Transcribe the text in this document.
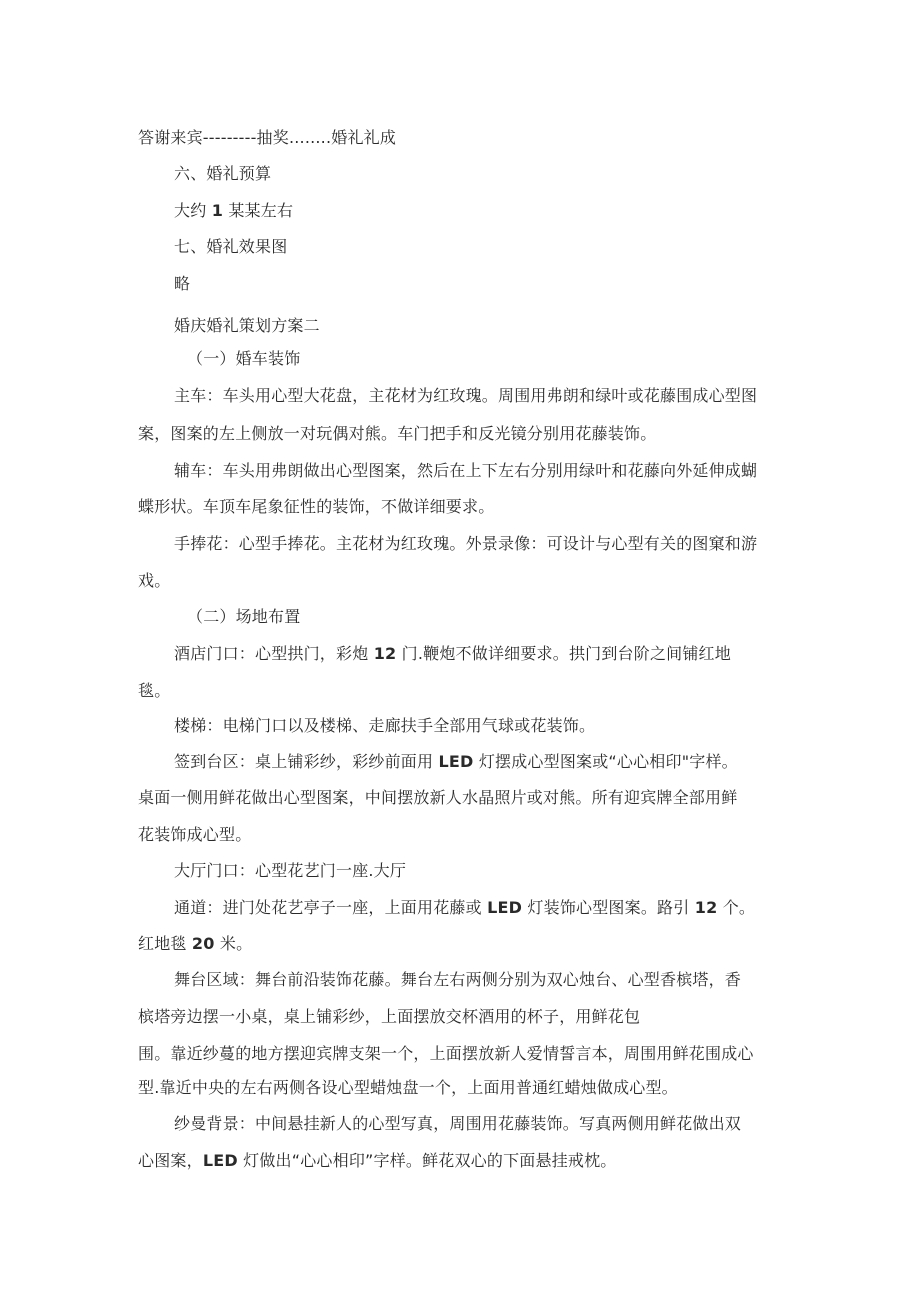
答谢来宾---------抽奖........婚礼礼成
六、婚礼预算
大约 1 某某左右
七、婚礼效果图
略
婚庆婚礼策划方案二
（一）婚车装饰
主车：车头用心型大花盘，主花材为红玫瑰。周围用弗朗和绿叶或花藤围成心型图
案，图案的左上侧放一对玩偶对熊。车门把手和反光镜分别用花藤装饰。
辅车：车头用弗朗做出心型图案，然后在上下左右分别用绿叶和花藤向外延伸成蝴
蝶形状。车顶车尾象征性的装饰，不做详细要求。
手捧花：心型手捧花。主花材为红玫瑰。外景录像：可设计与心型有关的图窠和游
戏。
（二）场地布置
酒店门口：心型拱门，彩炮 12 门.鞭炮不做详细要求。拱门到台阶之间铺红地
毯。
楼梯：电梯门口以及楼梯、走廊扶手全部用气球或花装饰。
签到台区：桌上铺彩纱，彩纱前面用 LED 灯摆成心型图案或“心心相印"字样。
桌面一侧用鲜花做出心型图案，中间摆放新人水晶照片或对熊。所有迎宾牌全部用鲜
花装饰成心型。
大厅门口：心型花艺门一座.大厅
通道：进门处花艺亭子一座，上面用花藤或 LED 灯装饰心型图案。路引 12 个。
红地毯 20 米。
舞台区域：舞台前沿装饰花藤。舞台左右两侧分别为双心烛台、心型香槟塔，香
槟塔旁边摆一小桌，桌上铺彩纱，上面摆放交杯酒用的杯子，用鲜花包
围。靠近纱蔓的地方摆迎宾牌支架一个，上面摆放新人爱情誓言本，周围用鲜花围成心
型.靠近中央的左右两侧各设心型蜡烛盘一个，上面用普通红蜡烛做成心型。
纱曼背景：中间悬挂新人的心型写真，周围用花藤装饰。写真两侧用鲜花做出双
心图案，LED 灯做出“心心相印”字样。鲜花双心的下面悬挂戒枕。
